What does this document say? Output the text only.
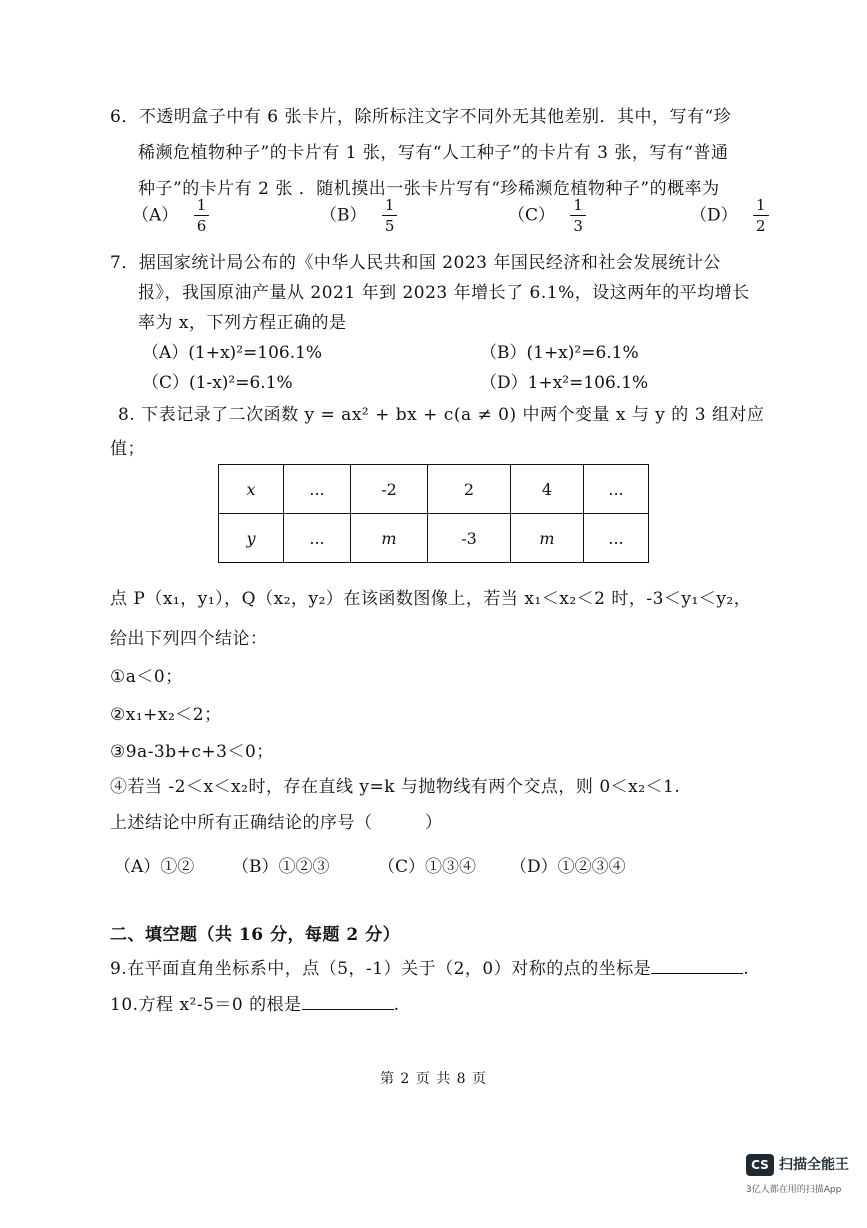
6．不透明盒子中有 6 张卡片，除所标注文字不同外无其他差别．其中，写有“珍
稀濒危植物种子”的卡片有 1 张，写有“人工种子”的卡片有 3 张，写有“普通
种子”的卡片有 2 张 ．随机摸出一张卡片写有“珍稀濒危植物种子”的概率为
$(A) \frac{1}{6}$	$(B) \frac{1}{5}$	$(C) \frac{1}{3}$	$(D) \frac{1}{2}$
7．据国家统计局公布的《中华人民共和国 2023 年国民经济和社会发展统计公
报》，我国原油产量从 2021 年到 2023 年增长了 6.1%，设这两年的平均增长
率为 x，下列方程正确的是
（A）(1+x)²=106.1%	（B）(1+x)²=6.1%
（C）(1-x)²=6.1%	（D）1+x²=106.1%
8. 下表记录了二次函数 y = ax² + bx + c(a ≠ 0) 中两个变量 x 与 y 的 3 组对应
值；
x	...	-2	2	4	...
y	...	m	-3	m	...
点 P（x₁，y₁），Q（x₂，y₂）在该函数图像上，若当 x₁＜x₂＜2 时，-3＜y₁＜y₂，
给出下列四个结论：
①a＜0；
②x₁+x₂＜2；
③9a-3b+c+3＜0；
④若当 -2＜x＜x₂时，存在直线 y=k 与抛物线有两个交点，则 0＜x₂＜1.
上述结论中所有正确结论的序号（　　　）
（A）①② （B）①②③	（C）①③④ （D）①②③④
二、填空题（共 16 分，每题 2 分）
9.在平面直角坐标系中，点（5，-1）关于（2，0）对称的点的坐标是	.
10.方程 x²-5＝0 的根是	.
第 2 页 共 8 页
CS 扫描全能王
3亿人都在用的扫描App
